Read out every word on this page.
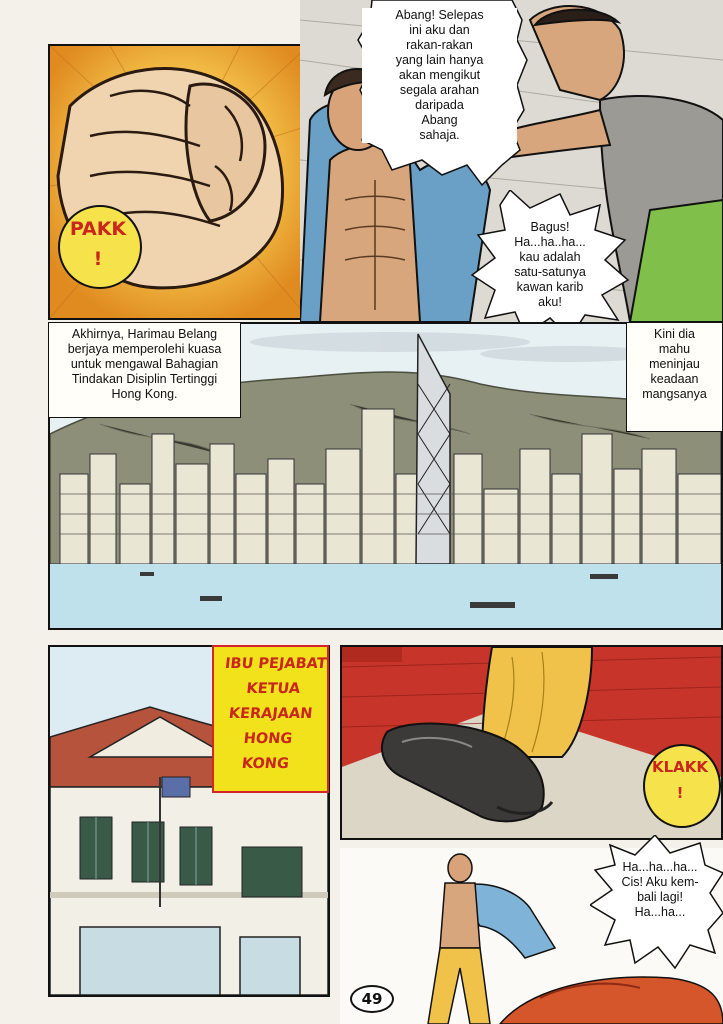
PAKK
!
Abang! Selepas
ini aku dan
rakan-rakan
yang lain hanya
akan mengikut
segala arahan
daripada
Abang
sahaja.
Bagus!
Ha...ha..ha...
kau adalah
satu-satunya
kawan karib
aku!
Akhirnya, Harimau Belang
berjaya memperolehi kuasa
untuk mengawal Bahagian
Tindakan Disiplin Tertinggi
Hong Kong.
Kini dia
mahu
meninjau
keadaan
mangsanya
IBU PEJABAT
KETUA
KERAJAAN
HONG
KONG	KLAKK
!
Ha...ha...ha...
Cis! Aku kem-
bali lagi!
Ha...ha...
49
